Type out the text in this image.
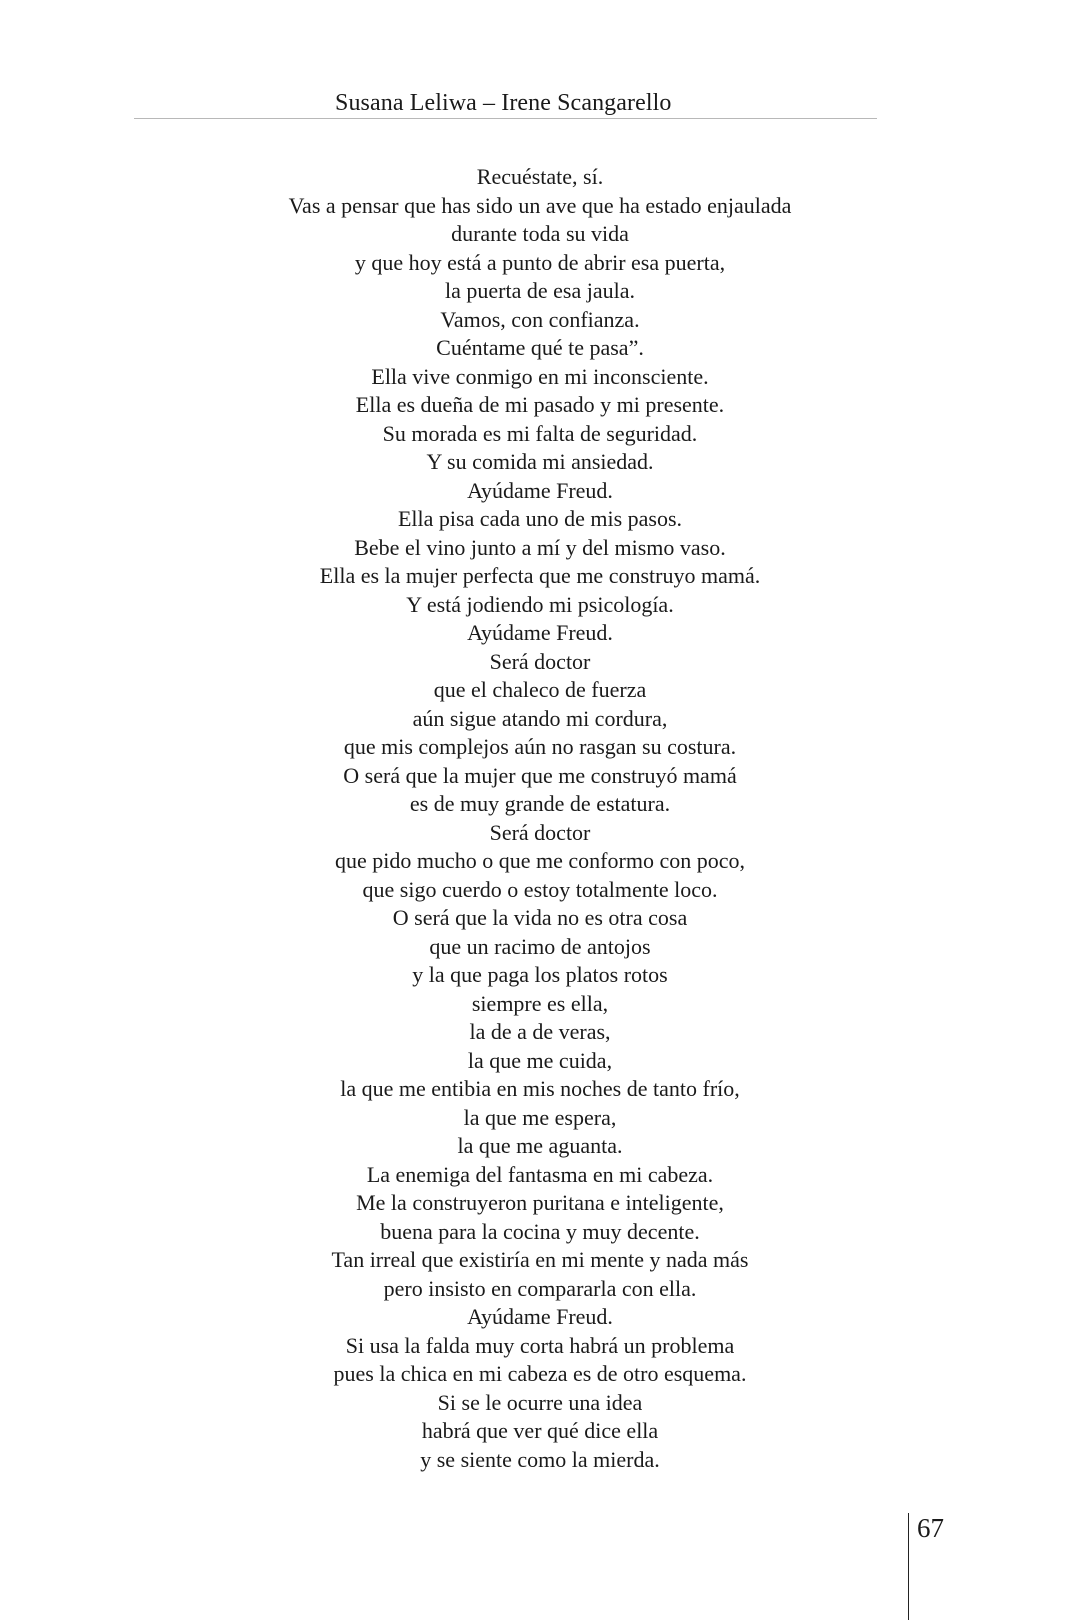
Susana Leliwa – Irene Scangarello
Recuéstate, sí.
Vas a pensar que has sido un ave que ha estado enjaulada
durante toda su vida
y que hoy está a punto de abrir esa puerta,
la puerta de esa jaula.
Vamos, con confianza.
Cuéntame qué te pasa”.
Ella vive conmigo en mi inconsciente.
Ella es dueña de mi pasado y mi presente.
Su morada es mi falta de seguridad.
Y su comida mi ansiedad.
Ayúdame Freud.
Ella pisa cada uno de mis pasos.
Bebe el vino junto a mí y del mismo vaso.
Ella es la mujer perfecta que me construyo mamá.
Y está jodiendo mi psicología.
Ayúdame Freud.
Será doctor
que el chaleco de fuerza
aún sigue atando mi cordura,
que mis complejos aún no rasgan su costura.
O será que la mujer que me construyó mamá
es de muy grande de estatura.
Será doctor
que pido mucho o que me conformo con poco,
que sigo cuerdo o estoy totalmente loco.
O será que la vida no es otra cosa
que un racimo de antojos
y la que paga los platos rotos
siempre es ella,
la de a de veras,
la que me cuida,
la que me entibia en mis noches de tanto frío,
la que me espera,
la que me aguanta.
La enemiga del fantasma en mi cabeza.
Me la construyeron puritana e inteligente,
buena para la cocina y muy decente.
Tan irreal que existiría en mi mente y nada más
pero insisto en compararla con ella.
Ayúdame Freud.
Si usa la falda muy corta habrá un problema
pues la chica en mi cabeza es de otro esquema.
Si se le ocurre una idea
habrá que ver qué dice ella
y se siente como la mierda.
67
